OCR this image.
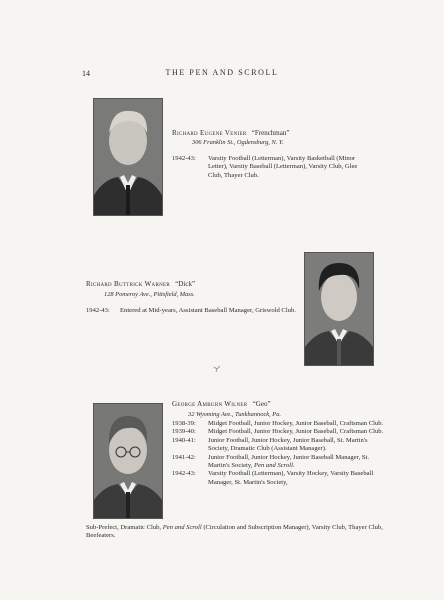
14	THE PEN AND SCROLL
Richard Eugene Venier “Frenchman”
306 Franklin St., Ogdensburg, N. Y.
1942-43:	Varsity Football (Letterman), Varsity Basketball (Minor Letter), Varsity Baseball (Letterman), Varsity Club, Glee Club, Thayer Club.
Richard Buttrick Warner “Dick”
128 Pomeroy Ave., Pittsfield, Mass.
1942-43:	Entered at Mid-years, Assistant Baseball Manager, Griswold Club.
George Amburn Wilner “Geo”
32 Wyoming Ave., Tunkhannock, Pa.
1938-39:	Midget Football, Junior Hockey, Junior Baseball, Craftsman Club.
1939-40:	Midget Football, Junior Hockey, Junior Baseball, Craftsman Club.
1940-41:	Junior Football, Junior Hockey, Junior Baseball, St. Martin's Society, Dramatic Club (Assistant Manager).
1941-42:	Junior Football, Junior Hockey, Junior Baseball Manager, St. Martin's Society, Pen and Scroll.
1942-43:	Varsity Football (Letterman), Varsity Hockey, Varsity Baseball Manager, St. Martin's Society,
Sub-Prefect, Dramatic Club, Pen and Scroll (Circulation and Subscription Manager), Varsity Club, Thayer Club, Beefeaters.
